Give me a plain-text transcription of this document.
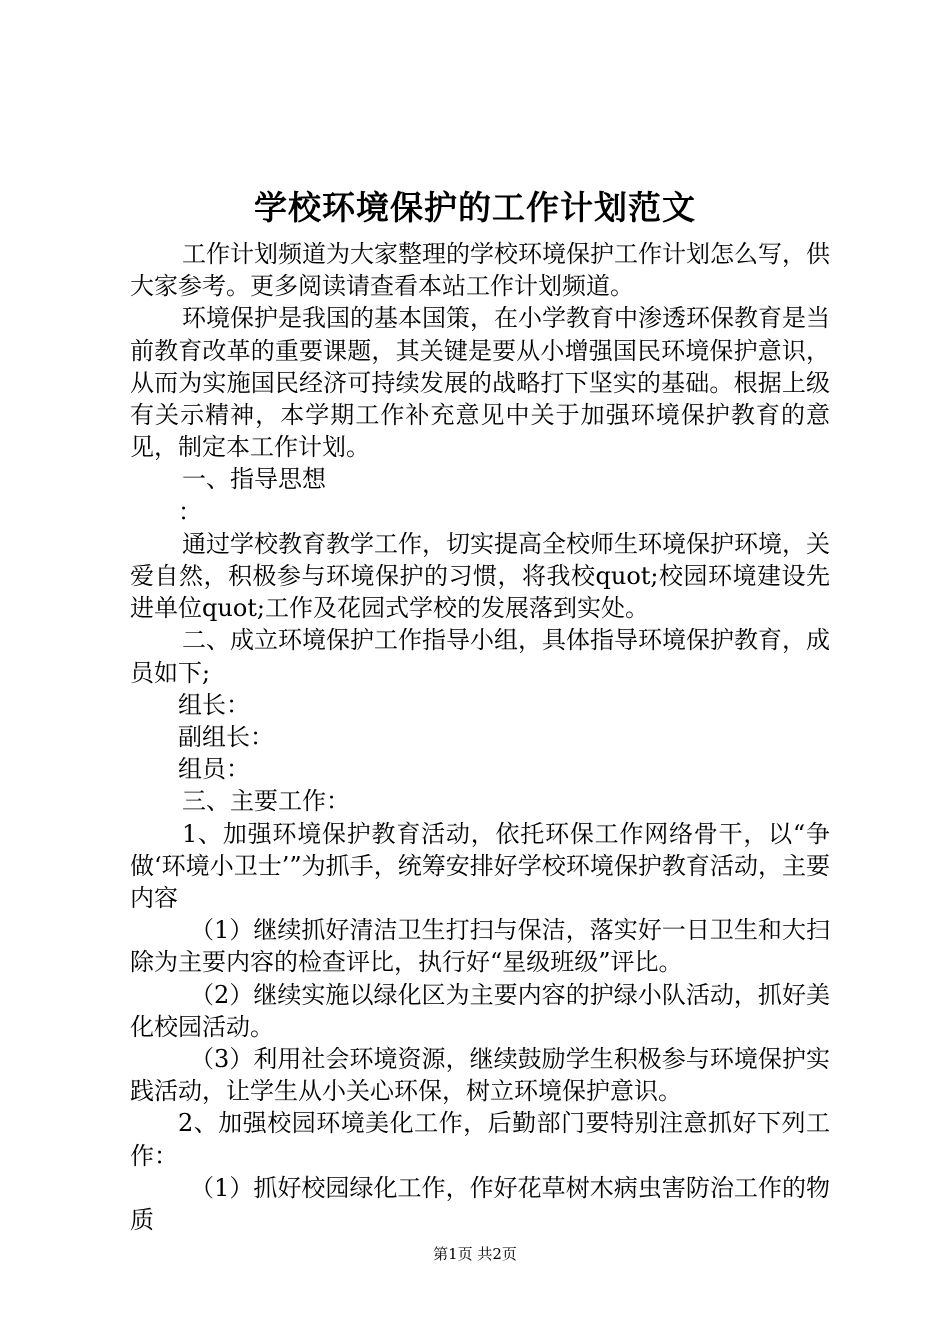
学校环境保护的工作计划范文

工作计划频道为大家整理的学校环境保护工作计划怎么写，供大家参考。更多阅读请查看本站工作计划频道。

环境保护是我国的基本国策，在小学教育中渗透环保教育是当前教育改革的重要课题，其关键是要从小增强国民环境保护意识，从而为实施国民经济可持续发展的战略打下坚实的基础。根据上级有关示精神，本学期工作补充意见中关于加强环境保护教育的意见，制定本工作计划。

一、指导思想

：

通过学校教育教学工作，切实提高全校师生环境保护环境，关爱自然，积极参与环境保护的习惯，将我校quot;校园环境建设先进单位quot;工作及花园式学校的发展落到实处。

二、成立环境保护工作指导小组，具体指导环境保护教育，成员如下;

组长：

副组长：

组员：

三、主要工作：

1、加强环境保护教育活动，依托环保工作网络骨干，以“争做‘环境小卫士’”为抓手，统筹安排好学校环境保护教育活动，主要内容

（1）继续抓好清洁卫生打扫与保洁，落实好一日卫生和大扫除为主要内容的检查评比，执行好“星级班级”评比。

（2）继续实施以绿化区为主要内容的护绿小队活动，抓好美化校园活动。

（3）利用社会环境资源，继续鼓励学生积极参与环境保护实践活动，让学生从小关心环保，树立环境保护意识。

2、加强校园环境美化工作，后勤部门要特别注意抓好下列工作：

（1）抓好校园绿化工作，作好花草树木病虫害防治工作的物质

第1页 共2页
